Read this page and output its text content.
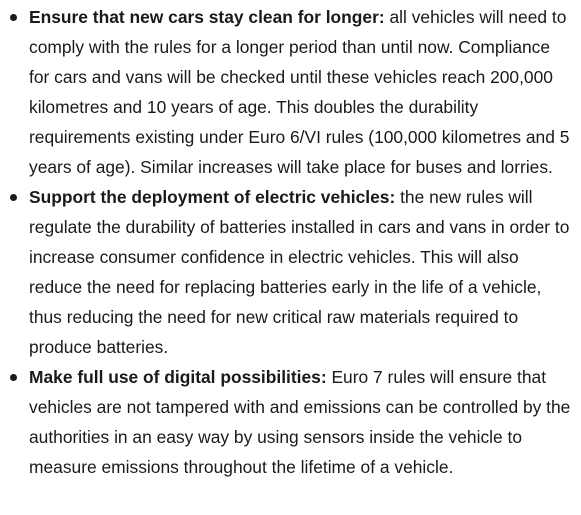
Ensure that new cars stay clean for longer: all vehicles will need to comply with the rules for a longer period than until now. Compliance for cars and vans will be checked until these vehicles reach 200,000 kilometres and 10 years of age. This doubles the durability requirements existing under Euro 6/VI rules (100,000 kilometres and 5 years of age). Similar increases will take place for buses and lorries.
Support the deployment of electric vehicles: the new rules will regulate the durability of batteries installed in cars and vans in order to increase consumer confidence in electric vehicles. This will also reduce the need for replacing batteries early in the life of a vehicle, thus reducing the need for new critical raw materials required to produce batteries.
Make full use of digital possibilities: Euro 7 rules will ensure that vehicles are not tampered with and emissions can be controlled by the authorities in an easy way by using sensors inside the vehicle to measure emissions throughout the lifetime of a vehicle.
